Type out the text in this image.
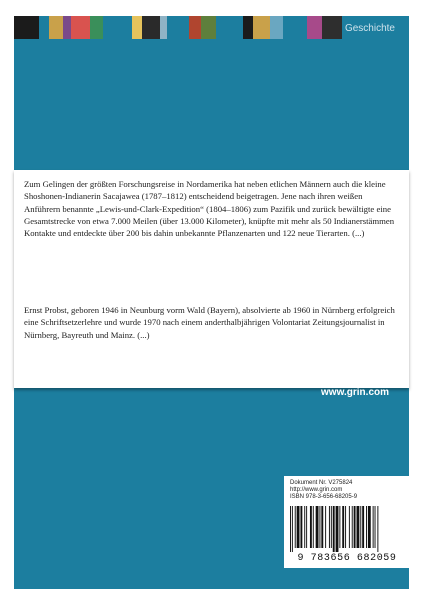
Geschichte

Zum Gelingen der größten Forschungsreise in Nordamerika hat neben etlichen Männern auch die kleine Shoshonen-Indianerin Sacajawea (1787–1812) entscheidend beigetragen. Jene nach ihren weißen Anführern benannte „Lewis-und-Clark-Expedition“ (1804–1806) zum Pazifik und zurück bewältigte eine Gesamtstrecke von etwa 7.000 Meilen (über 13.000 Kilometer), knüpfte mit mehr als 50 Indianerstämmen Kontakte und entdeckte über 200 bis dahin unbekannte Pflanzenarten und 122 neue Tierarten. (...)

Ernst Probst, geboren 1946 in Neunburg vorm Wald (Bayern), absolvierte ab 1960 in Nürnberg erfolgreich eine Schriftsetzerlehre und wurde 1970 nach einem anderthalbjährigen Volontariat Zeitungsjournalist in Nürnberg, Bayreuth und Mainz. (...)

www.grin.com
Dokument Nr. V275824
http://www.grin.com
ISBN 978-3-656-68205-9
9 783656 682059
